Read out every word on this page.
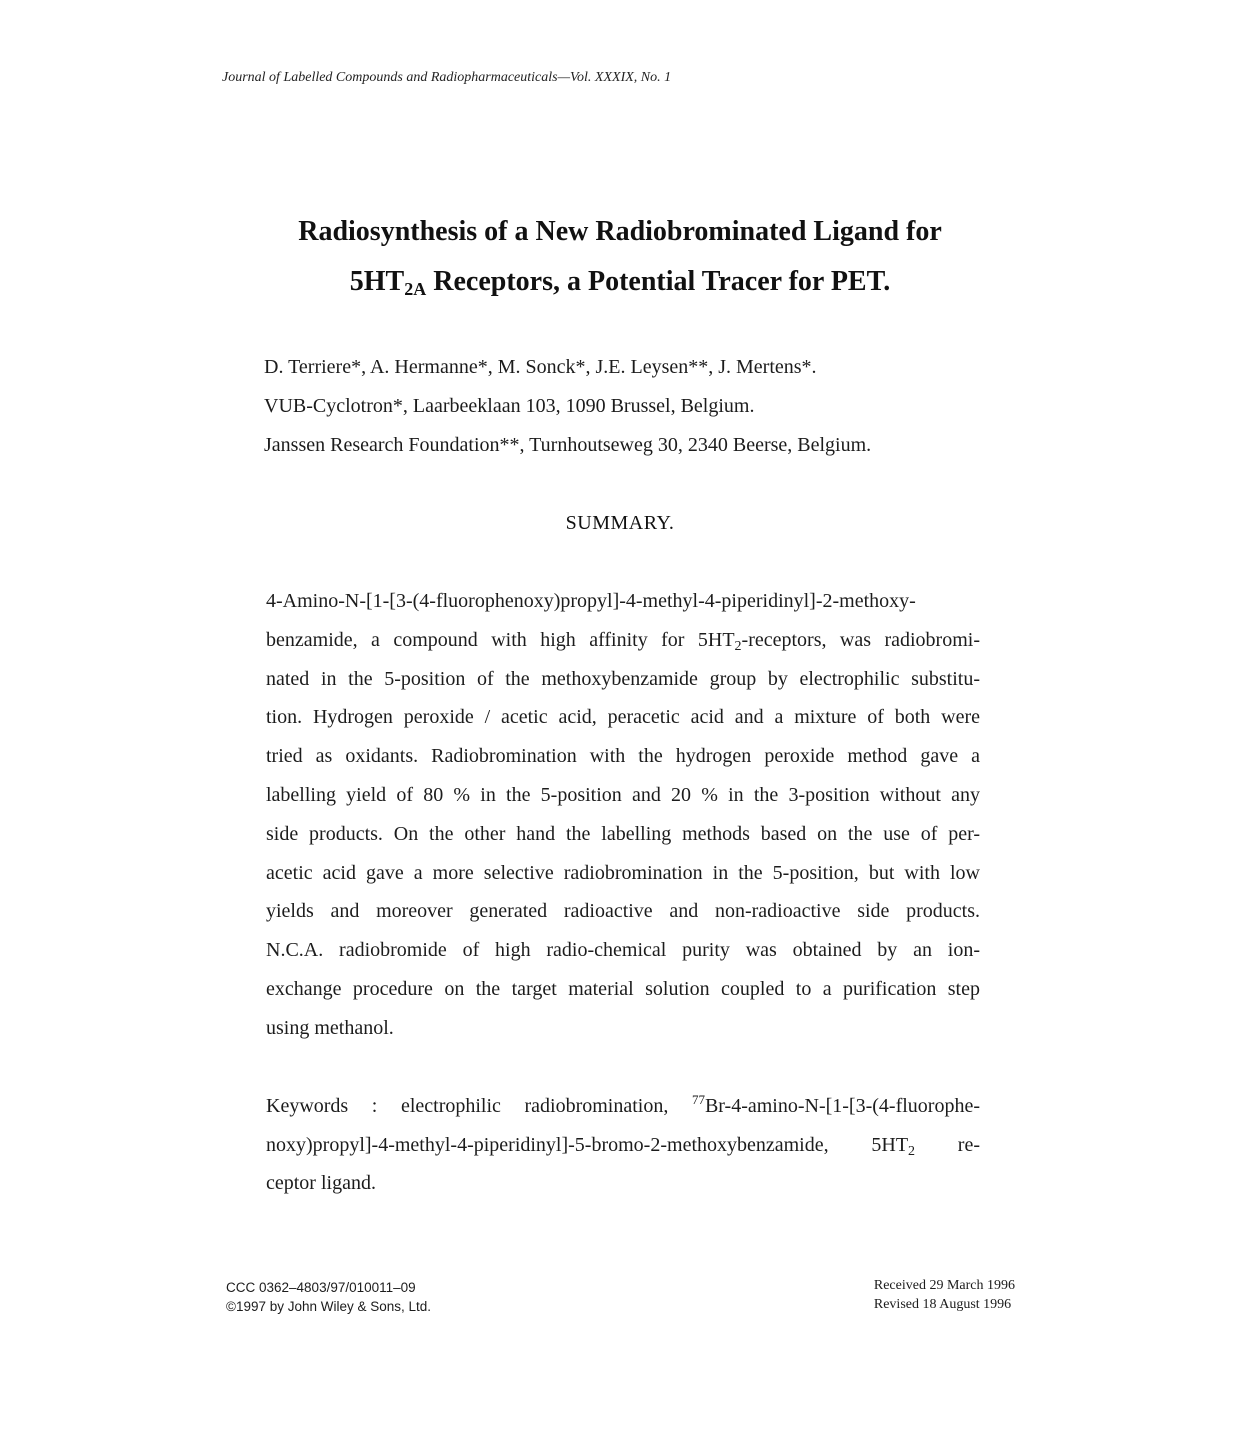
Journal of Labelled Compounds and Radiopharmaceuticals—Vol. XXXIX, No. 1
Radiosynthesis of a New Radiobrominated Ligand for
$5HT_{2A}$ Receptors, a Potential Tracer for PET.
D. Terriere*, A. Hermanne*, M. Sonck*, J.E. Leysen**, J. Mertens*.
VUB-Cyclotron*, Laarbeeklaan 103, 1090 Brussel, Belgium.
Janssen Research Foundation**, Turnhoutseweg 30, 2340 Beerse, Belgium.
SUMMARY.
4-Amino-N-[1-[3-(4-fluorophenoxy)propyl]-4-methyl-4-piperidinyl]-2-methoxy-
benzamide, a compound with high affinity for $5HT_2$-receptors, was radiobromi-
nated in the 5-position of the methoxybenzamide group by electrophilic substitu-
tion. Hydrogen peroxide / acetic acid, peracetic acid and a mixture of both were
tried as oxidants. Radiobromination with the hydrogen peroxide method gave a
labelling yield of 80 % in the 5-position and 20 % in the 3-position without any
side products. On the other hand the labelling methods based on the use of per-
acetic acid gave a more selective radiobromination in the 5-position, but with low
yields and moreover generated radioactive and non-radioactive side products.
N.C.A. radiobromide of high radio-chemical purity was obtained by an ion-
exchange procedure on the target material solution coupled to a purification step
using methanol.
Keywords : electrophilic radiobromination, $^{77}$Br-4-amino-N-[1-[3-(4-fluorophe-
noxy)propyl]-4-methyl-4-piperidinyl]-5-bromo-2-methoxybenzamide, $5HT_2$ re-
ceptor ligand.
CCC 0362–4803/97/010011–09
©1997 by John Wiley & Sons, Ltd.
Received 29 March 1996
Revised 18 August 1996
